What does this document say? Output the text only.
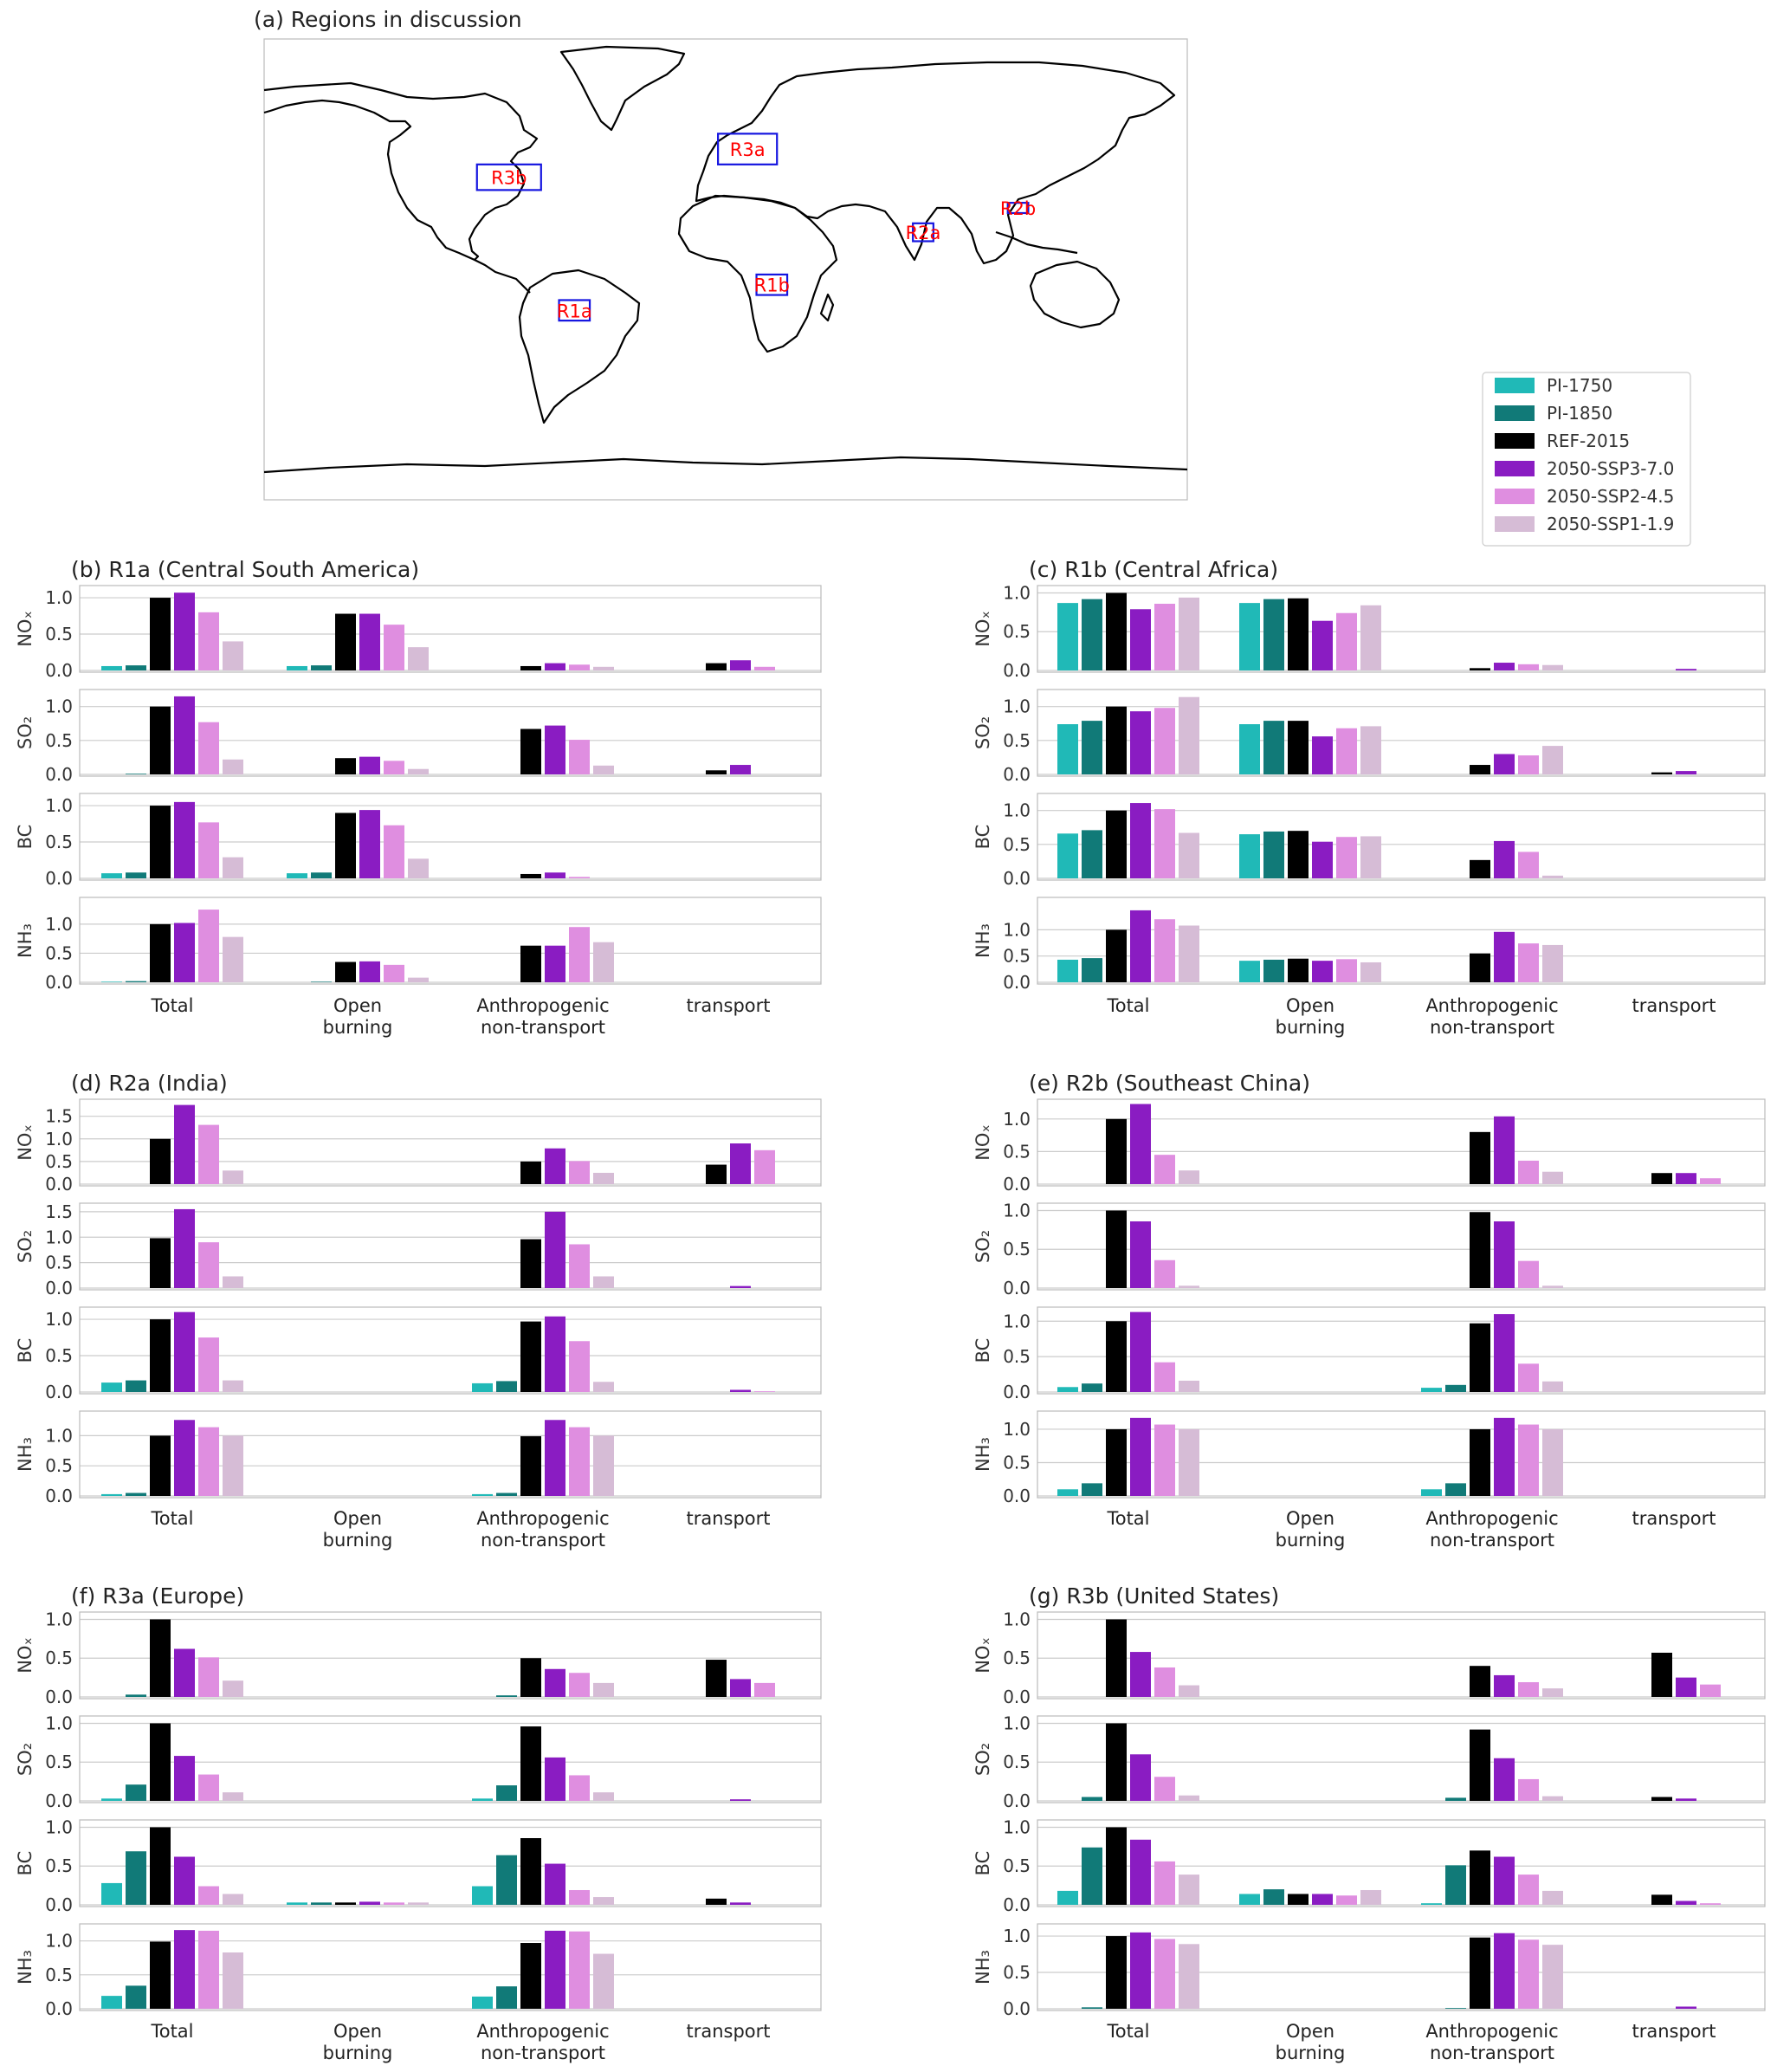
(a) Regions in discussion
R1a
R1b
R2a
R2b
R3a
R3b
PI-1750
PI-1850
REF-2015
2050-SSP3-7.0
2050-SSP2-4.5
2050-SSP1-1.9
(b) R1a (Central South America)
0.0
0.5
1.0
NOₓ
0.0
0.5
1.0
SO₂
0.0
0.5
1.0
BC
0.0
0.5
1.0
NH₃
Total	Open burning
Anthropogenic non-transport
transport
(c) R1b (Central Africa)
0.0
0.5
1.0
NOₓ
0.0
0.5
1.0
SO₂
0.0
0.5
1.0
BC
0.0
0.5
1.0
NH₃
Total	Open burning
Anthropogenic non-transport
transport
(d) R2a (India)
0.0
0.5
1.0
1.5
NOₓ
0.0
0.5
1.0
1.5
SO₂
0.0
0.5
1.0
BC
0.0
0.5
1.0
NH₃
Total	Open burning
Anthropogenic non-transport
transport
(e) R2b (Southeast China)
0.0
0.5
1.0
NOₓ
0.0
0.5
1.0
SO₂
0.0
0.5
1.0
BC
0.0
0.5
1.0
NH₃
Total	Open burning
Anthropogenic non-transport
transport
(f) R3a (Europe)
0.0
0.5
1.0
NOₓ
0.0
0.5
1.0
SO₂
0.0
0.5
1.0
BC
0.0
0.5
1.0
NH₃
Total	Open burning
Anthropogenic non-transport
transport
(g) R3b (United States)
0.0
0.5
1.0
NOₓ
0.0
0.5
1.0
SO₂
0.0
0.5
1.0
BC
0.0
0.5
1.0
NH₃
Total	Open burning
Anthropogenic non-transport
transport
